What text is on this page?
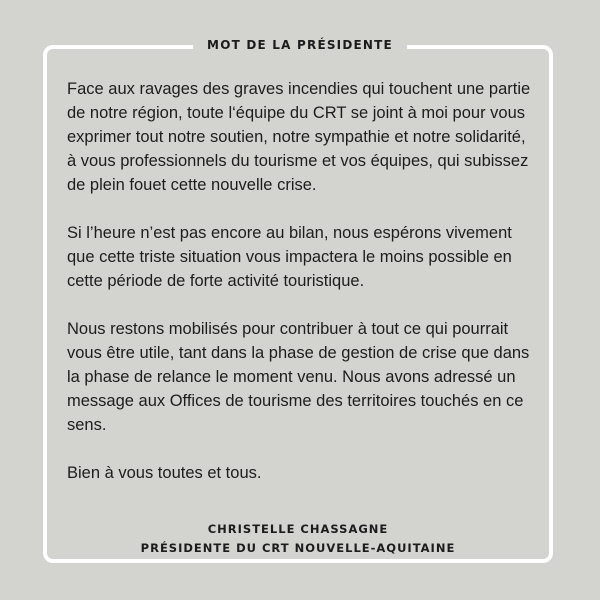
MOT DE LA PRÉSIDENTE

Face aux ravages des graves incendies qui touchent une partie de notre région, toute l‘équipe du CRT se joint à moi pour vous exprimer tout notre soutien, notre sympathie et notre solidarité, à vous professionnels du tourisme et vos équipes, qui subissez de plein fouet cette nouvelle crise.

Si l’heure n’est pas encore au bilan, nous espérons vivement que cette triste situation vous impactera le moins possible en cette période de forte activité touristique.

Nous restons mobilisés pour contribuer à tout ce qui pourrait vous être utile, tant dans la phase de gestion de crise que dans la phase de relance le moment venu. Nous avons adressé un message aux Offices de tourisme des territoires touchés en ce sens.

Bien à vous toutes et tous.

CHRISTELLE CHASSAGNE
PRÉSIDENTE DU CRT NOUVELLE-AQUITAINE
